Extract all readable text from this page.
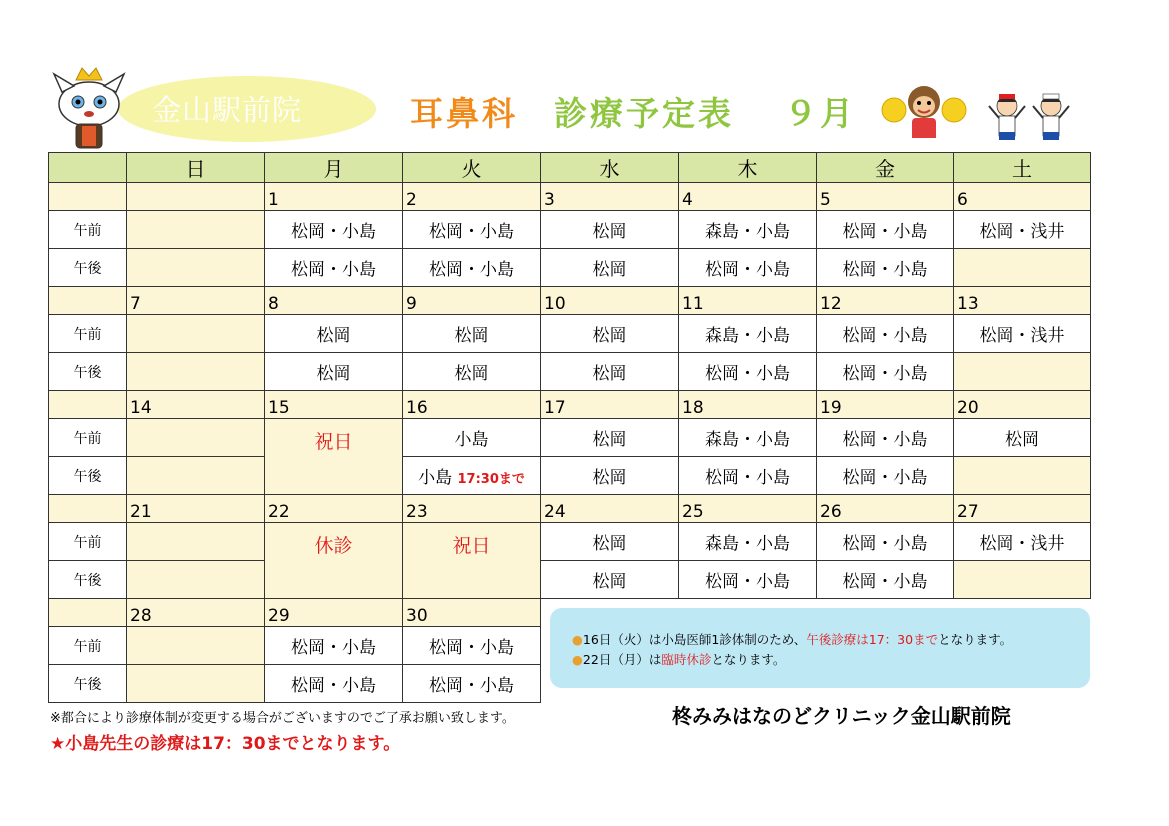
金山駅前院	耳鼻科 診療予定表 ９月
	日	月	火	水	木	金	土
		1	2	3	4	5	6
午前		松岡・小島	松岡・小島	松岡	森島・小島	松岡・小島	松岡・浅井
午後		松岡・小島	松岡・小島	松岡	松岡・小島	松岡・小島	
	7	8	9	10	11	12	13
午前		松岡	松岡	松岡	森島・小島	松岡・小島	松岡・浅井
午後		松岡	松岡	松岡	松岡・小島	松岡・小島	
	14	15	16	17	18	19	20
午前		祝日	小島	松岡	森島・小島	松岡・小島	松岡
午後			小島 17:30まで	松岡	松岡・小島	松岡・小島	
	21	22	23	24	25	26	27
午前		休診	祝日	松岡	森島・小島	松岡・小島	松岡・浅井
午後				松岡	松岡・小島	松岡・小島	
	28	29	30				
午前		松岡・小島	松岡・小島				
午後		松岡・小島	松岡・小島				

●16日（火）は小島医師1診体制のため、午後診療は17：30までとなります。

●22日（月）は臨時休診となります。

※都合により診療体制が変更する場合がございますのでご了承お願い致します。
★小島先生の診療は17：30までとなります。
柊みみはなのどクリニック金山駅前院
